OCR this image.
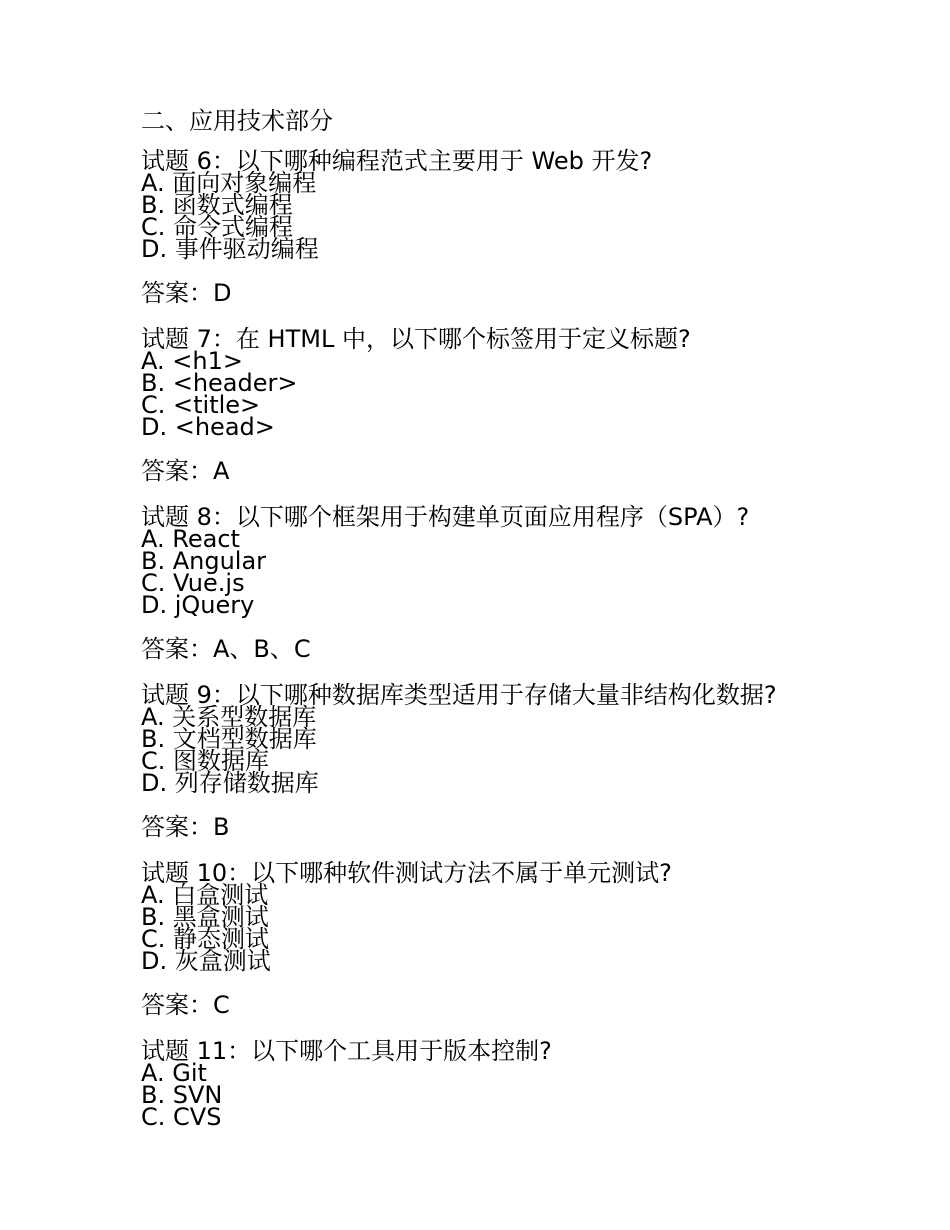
二、应用技术部分

试题 6：以下哪种编程范式主要用于 Web 开发?

A. 面向对象编程
B. 函数式编程
C. 命令式编程
D. 事件驱动编程

答案：D

试题 7：在 HTML 中，以下哪个标签用于定义标题?

A. <h1>
B. <header>
C. <title>
D. <head>

答案：A

试题 8：以下哪个框架用于构建单页面应用程序（SPA）?

A. React
B. Angular
C. Vue.js
D. jQuery

答案：A、B、C

试题 9：以下哪种数据库类型适用于存储大量非结构化数据?

A. 关系型数据库
B. 文档型数据库
C. 图数据库
D. 列存储数据库

答案：B

试题 10：以下哪种软件测试方法不属于单元测试?

A. 白盒测试
B. 黑盒测试
C. 静态测试
D. 灰盒测试

答案：C

试题 11：以下哪个工具用于版本控制?

A. Git
B. SVN
C. CVS
